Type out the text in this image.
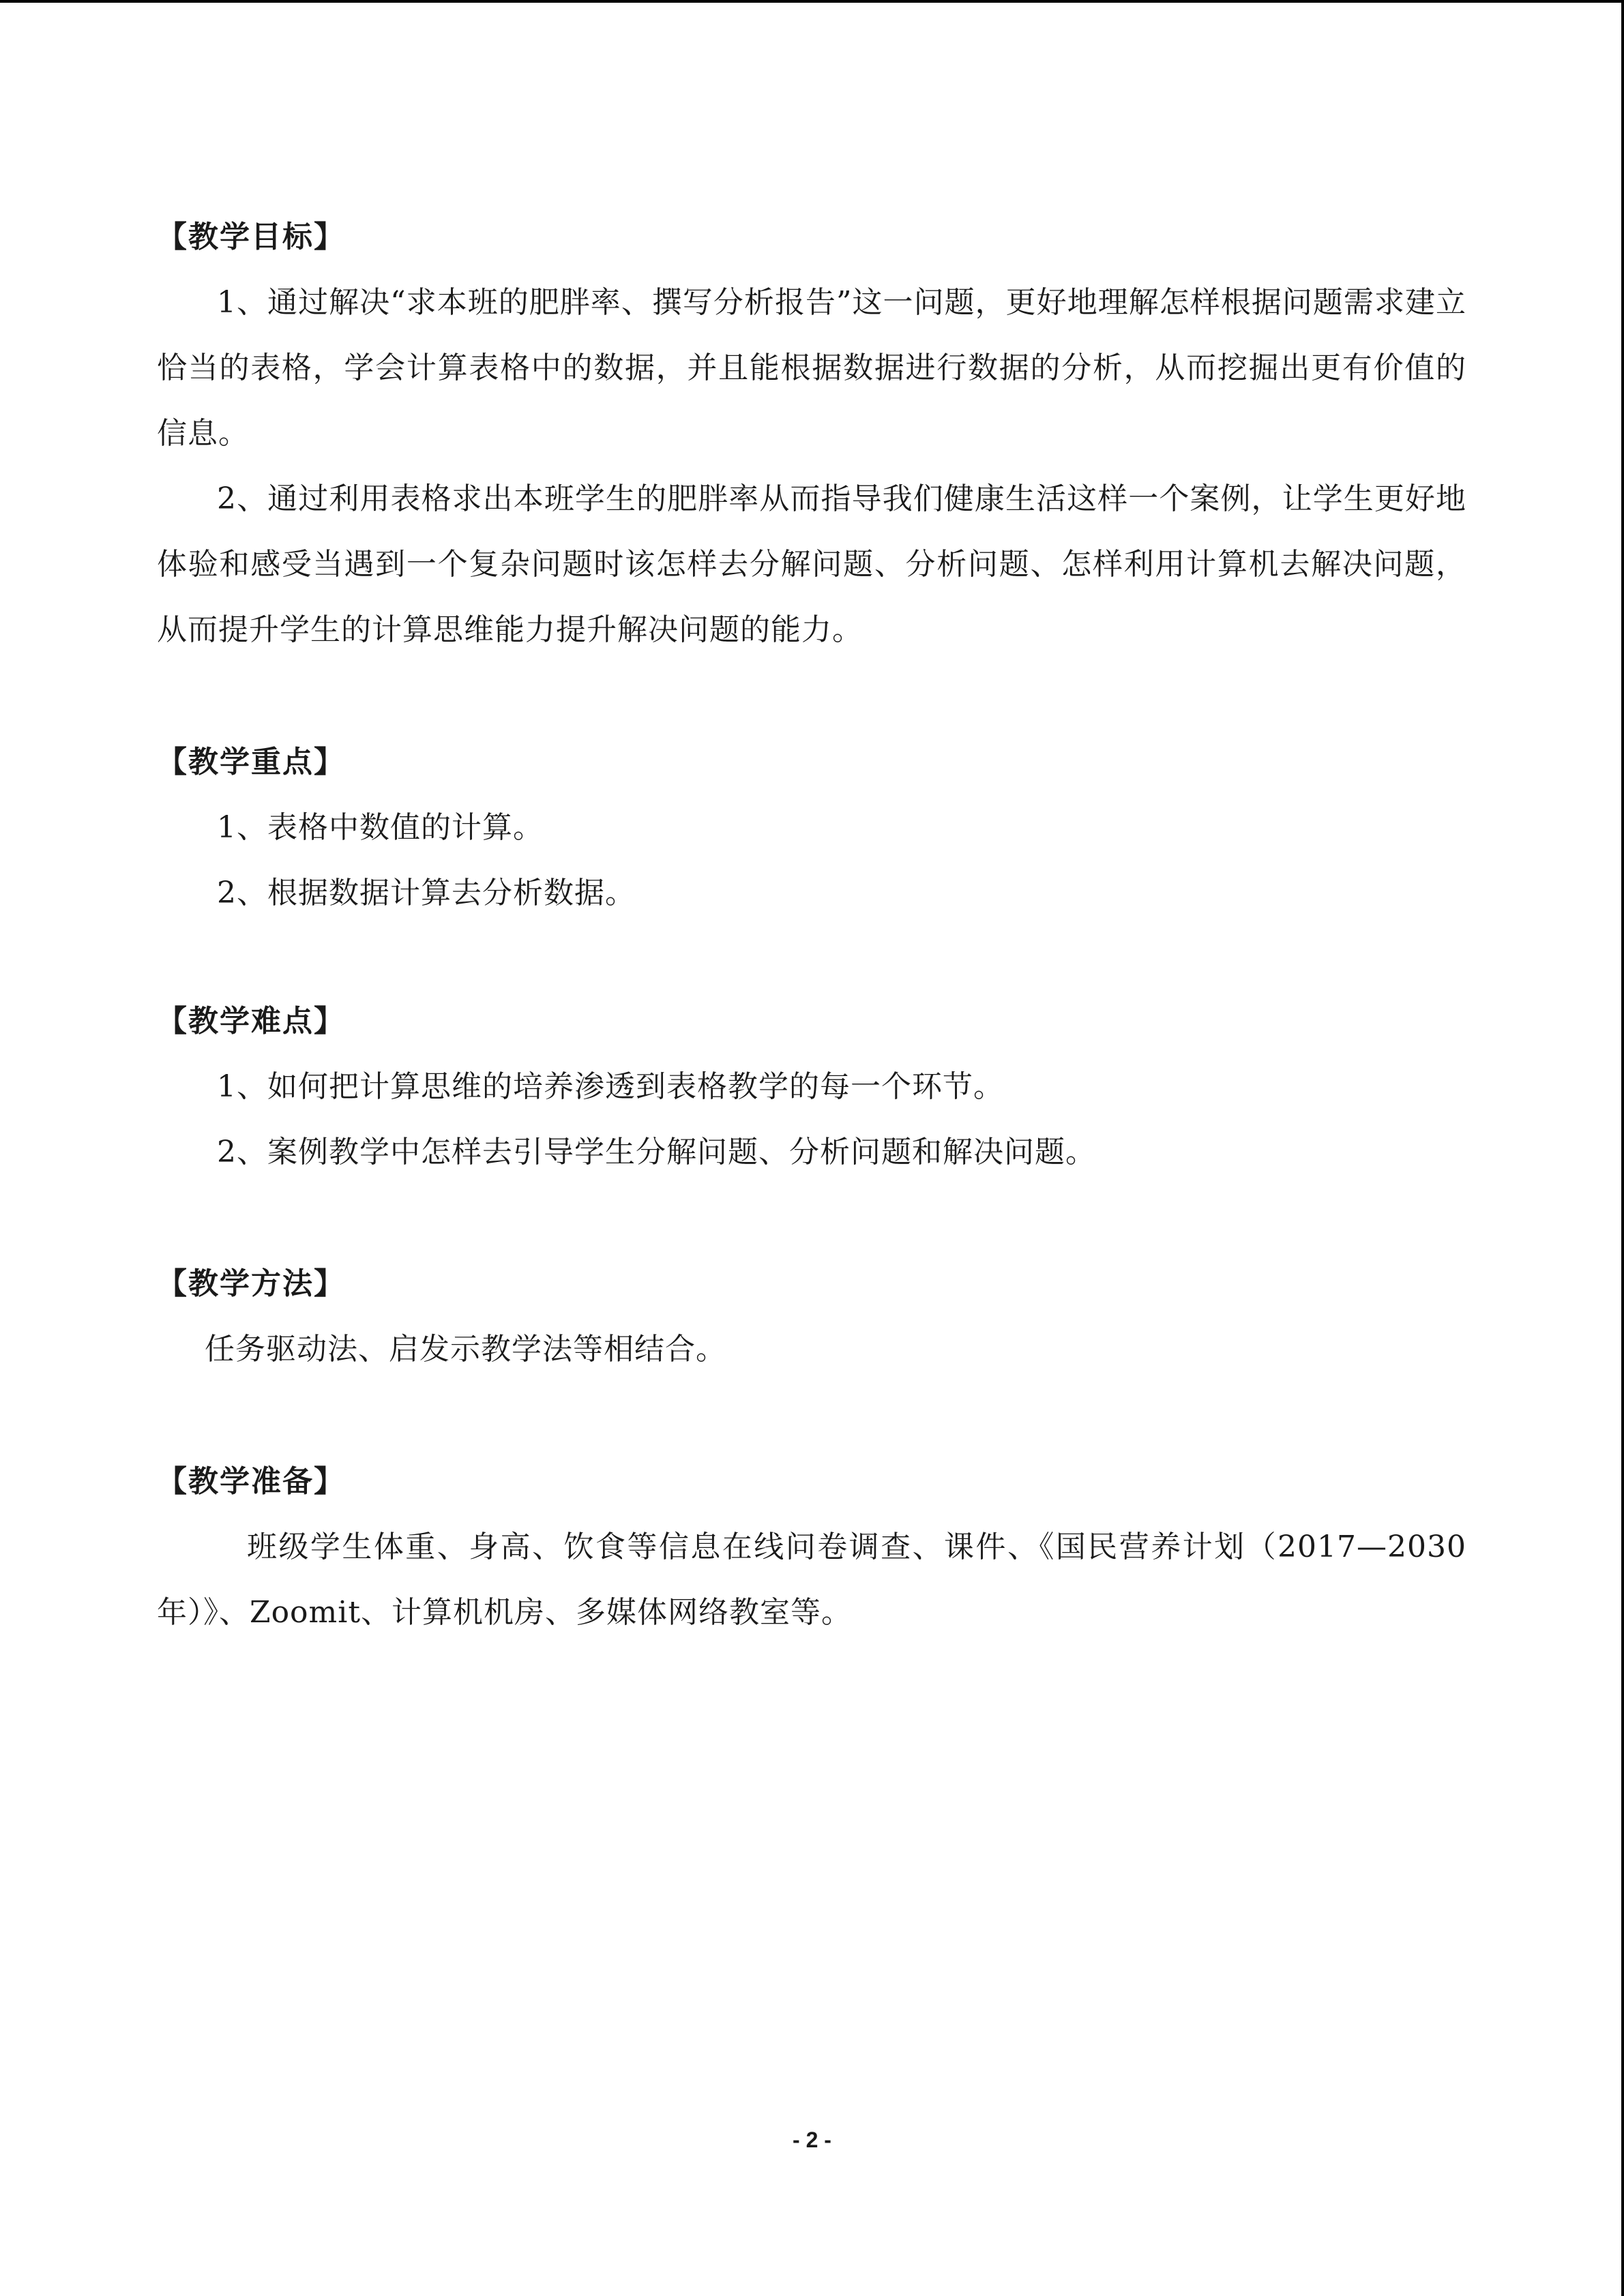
【教学目标】

1、通过解决“求本班的肥胖率、撰写分析报告”这一问题，更好地理解怎样根据问题需求建立恰当的表格，学会计算表格中的数据，并且能根据数据进行数据的分析，从而挖掘出更有价值的信息。

2、通过利用表格求出本班学生的肥胖率从而指导我们健康生活这样一个案例，让学生更好地体验和感受当遇到一个复杂问题时该怎样去分解问题、分析问题、怎样利用计算机去解决问题，从而提升学生的计算思维能力提升解决问题的能力。

【教学重点】

1、表格中数值的计算。

2、根据数据计算去分析数据。

【教学难点】

1、如何把计算思维的培养渗透到表格教学的每一个环节。

2、案例教学中怎样去引导学生分解问题、分析问题和解决问题。

【教学方法】

任务驱动法、启发示教学法等相结合。

【教学准备】

班级学生体重、身高、饮食等信息在线问卷调查、课件、《国民营养计划（2017—2030年）》、Zoomit、计算机机房、多媒体网络教室等。

- 2 -
